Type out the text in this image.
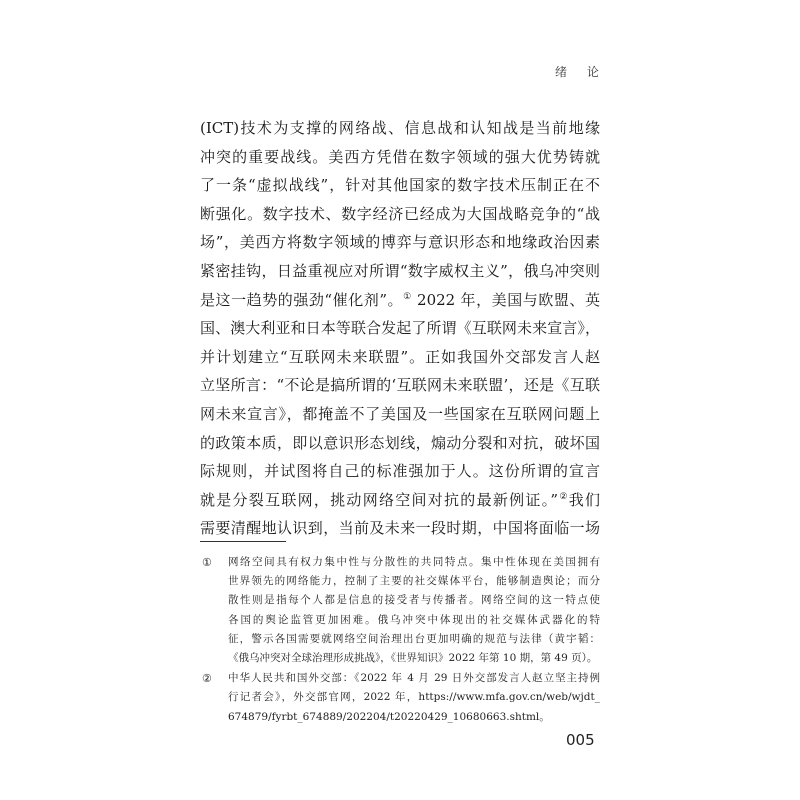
绪 论
(ICT)技术为支撑的网络战、信息战和认知战是当前地缘
冲突的重要战线。美西方凭借在数字领域的强大优势铸就
了一条“虚拟战线”，针对其他国家的数字技术压制正在不
断强化。数字技术、数字经济已经成为大国战略竞争的“战
场”，美西方将数字领域的博弈与意识形态和地缘政治因素
紧密挂钩，日益重视应对所谓“数字威权主义”，俄乌冲突则
是这一趋势的强劲“催化剂”。① 2022 年，美国与欧盟、英
国、澳大利亚和日本等联合发起了所谓《互联网未来宣言》，
并计划建立“互联网未来联盟”。正如我国外交部发言人赵
立坚所言：“不论是搞所谓的‘互联网未来联盟’，还是《互联
网未来宣言》，都掩盖不了美国及一些国家在互联网问题上
的政策本质，即以意识形态划线，煽动分裂和对抗，破坏国
际规则，并试图将自己的标准强加于人。这份所谓的宣言
就是分裂互联网，挑动网络空间对抗的最新例证。”②我们
需要清醒地认识到，当前及未来一段时期，中国将面临一场
① 网络空间具有权力集中性与分散性的共同特点。集中性体现在美国拥有
世界领先的网络能力，控制了主要的社交媒体平台，能够制造舆论；而分
散性则是指每个人都是信息的接受者与传播者。网络空间的这一特点使
各国的舆论监管更加困难。俄乌冲突中体现出的社交媒体武器化的特
征，警示各国需要就网络空间治理出台更加明确的规范与法律（黄宇韬：
《俄乌冲突对全球治理形成挑战》，《世界知识》2022 年第 10 期，第 49 页）。
② 中华人民共和国外交部：《2022 年 4 月 29 日外交部发言人赵立坚主持例
行记者会》，外交部官网，2022 年，https://www.mfa.gov.cn/web/wjdt_
674879/fyrbt_674889/202204/t20220429_10680663.shtml。
005
